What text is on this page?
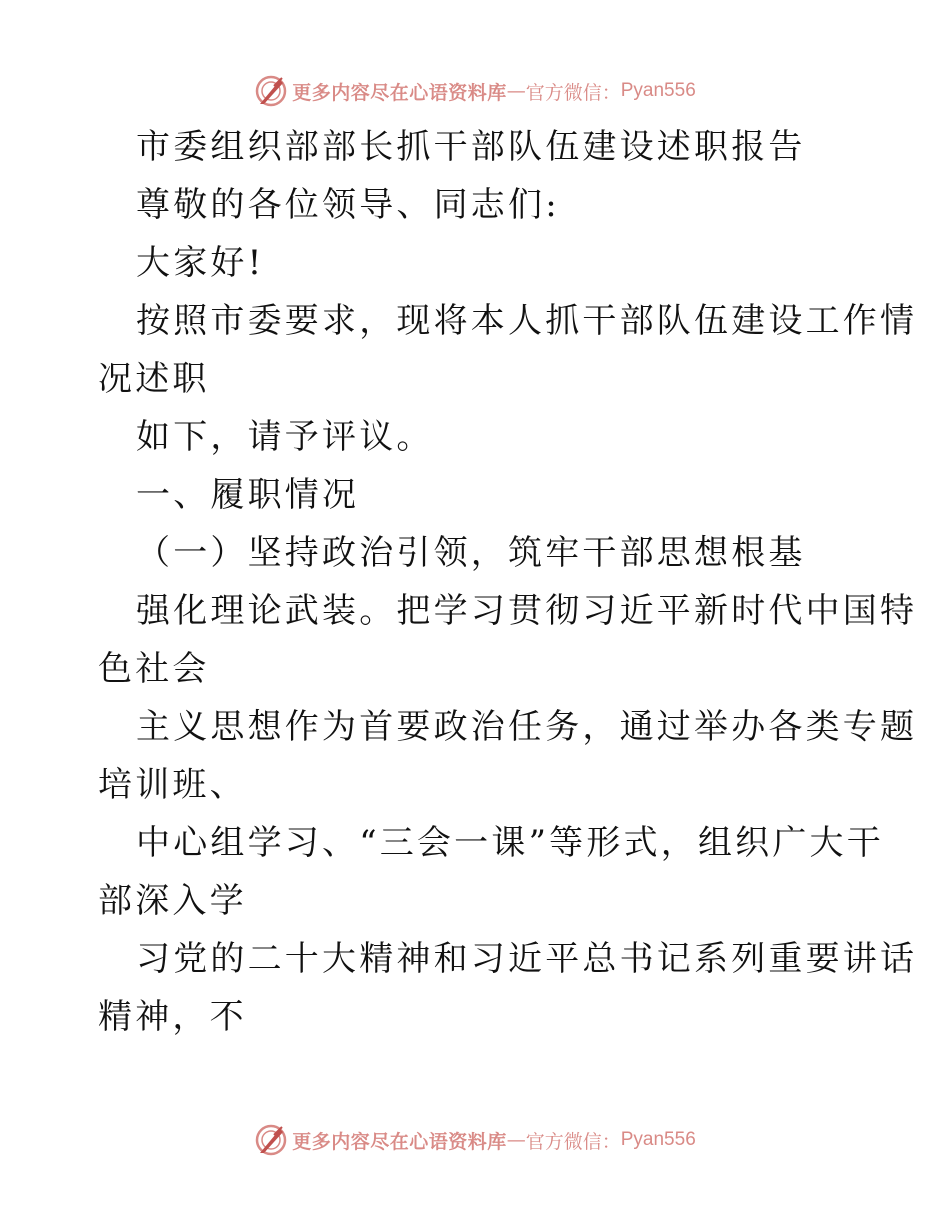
更多内容尽在心语资料库 — 官方微信： Pyan556
市委组织部部长抓干部队伍建设述职报告
尊敬的各位领导、同志们:
大家好!
按照市委要求，现将本人抓干部队伍建设工作情
况述职
如下，请予评议。
一、履职情况
（一）坚持政治引领，筑牢干部思想根基
强化理论武装。把学习贯彻习近平新时代中国特
色社会
主义思想作为首要政治任务，通过举办各类专题
培训班、
中心组学习、“三会一课”等形式，组织广大干
部深入学
习党的二十大精神和习近平总书记系列重要讲话
精神，不
更多内容尽在心语资料库 — 官方微信： Pyan556
